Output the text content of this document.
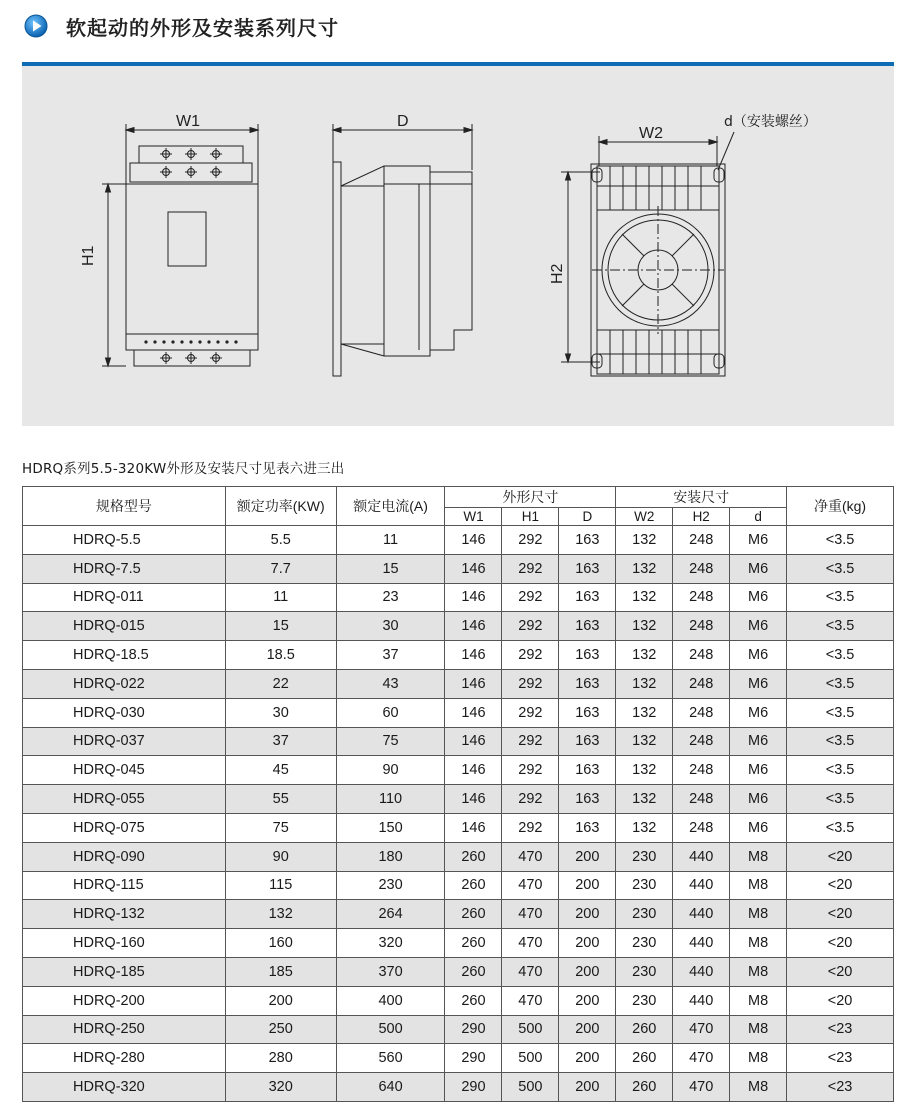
软起动的外形及安装系列尺寸
W1
H1
D
W2
H2
d（安装螺丝）
HDRQ系列5.5-320KW外形及安装尺寸见表六进三出
规格型号	额定功率(KW)	额定电流(A)	外形尺寸			安装尺寸			净重(kg)
			W1	H1	D	W2	H2	d	
HDRQ-5.5	5.5	11	146	292	163	132	248	M6	<3.5
HDRQ-7.5	7.7	15	146	292	163	132	248	M6	<3.5
HDRQ-011	11	23	146	292	163	132	248	M6	<3.5
HDRQ-015	15	30	146	292	163	132	248	M6	<3.5
HDRQ-18.5	18.5	37	146	292	163	132	248	M6	<3.5
HDRQ-022	22	43	146	292	163	132	248	M6	<3.5
HDRQ-030	30	60	146	292	163	132	248	M6	<3.5
HDRQ-037	37	75	146	292	163	132	248	M6	<3.5
HDRQ-045	45	90	146	292	163	132	248	M6	<3.5
HDRQ-055	55	110	146	292	163	132	248	M6	<3.5
HDRQ-075	75	150	146	292	163	132	248	M6	<3.5
HDRQ-090	90	180	260	470	200	230	440	M8	<20
HDRQ-115	115	230	260	470	200	230	440	M8	<20
HDRQ-132	132	264	260	470	200	230	440	M8	<20
HDRQ-160	160	320	260	470	200	230	440	M8	<20
HDRQ-185	185	370	260	470	200	230	440	M8	<20
HDRQ-200	200	400	260	470	200	230	440	M8	<20
HDRQ-250	250	500	290	500	200	260	470	M8	<23
HDRQ-280	280	560	290	500	200	260	470	M8	<23
HDRQ-320	320	640	290	500	200	260	470	M8	<23
